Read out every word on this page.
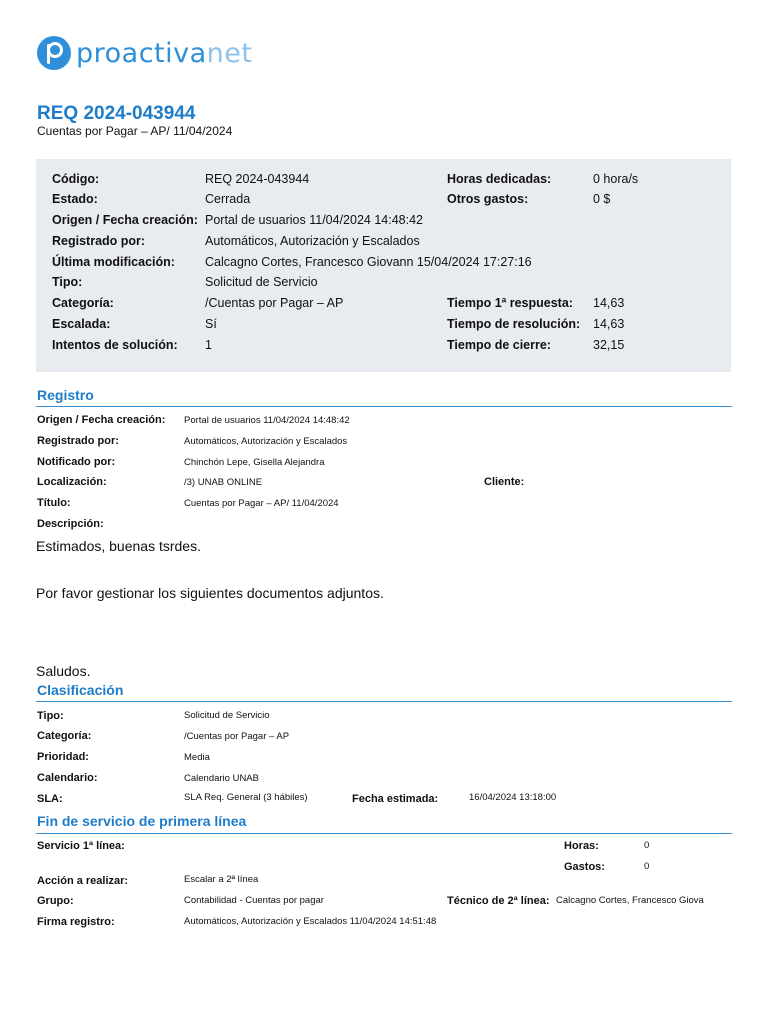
proactivanet
REQ 2024-043944
Cuentas por Pagar – AP/ 11/04/2024
Código:	REQ 2024-043944	Horas dedicadas:	0 hora/s
Estado:	Cerrada	Otros gastos:	0 $
Origen / Fecha creación: Portal de usuarios 11/04/2024 14:48:42
Registrado por:	Automáticos, Autorización y Escalados
Última modificación: Calcagno Cortes, Francesco Giovann 15/04/2024 17:27:16
Tipo:	Solicitud de Servicio
Categoría:	/Cuentas por Pagar – AP	Tiempo 1ª respuesta: 14,63
Escalada:	Sí	Tiempo de resolución: 14,63
Intentos de solución: 1	Tiempo de cierre:	32,15
Registro
Origen / Fecha creación: Portal de usuarios 11/04/2024 14:48:42
Registrado por:	Automáticos, Autorización y Escalados
Notificado por:	Chinchón Lepe, Gisella Alejandra
Localización:	/3) UNAB ONLINE	Cliente:
Título:	Cuentas por Pagar – AP/ 11/04/2024
Descripción:
Estimados, buenas tsrdes.
Por favor gestionar los siguientes documentos adjuntos.
Saludos.
Clasificación
Tipo:	Solicitud de Servicio
Categoría:	/Cuentas por Pagar – AP
Prioridad:	Media
Calendario:	Calendario UNAB
SLA:	SLA Req. General (3 hábiles)	Fecha estimada:	16/04/2024 13:18:00
Fin de servicio de primera línea
Servicio 1ª línea:	Horas:	0
Gastos:	0
Acción a realizar:	Escalar a 2ª línea
Grupo:	Contabilidad - Cuentas por pagar	Técnico de 2ª línea: Calcagno Cortes, Francesco Giova
Firma registro:	Automáticos, Autorización y Escalados 11/04/2024 14:51:48
